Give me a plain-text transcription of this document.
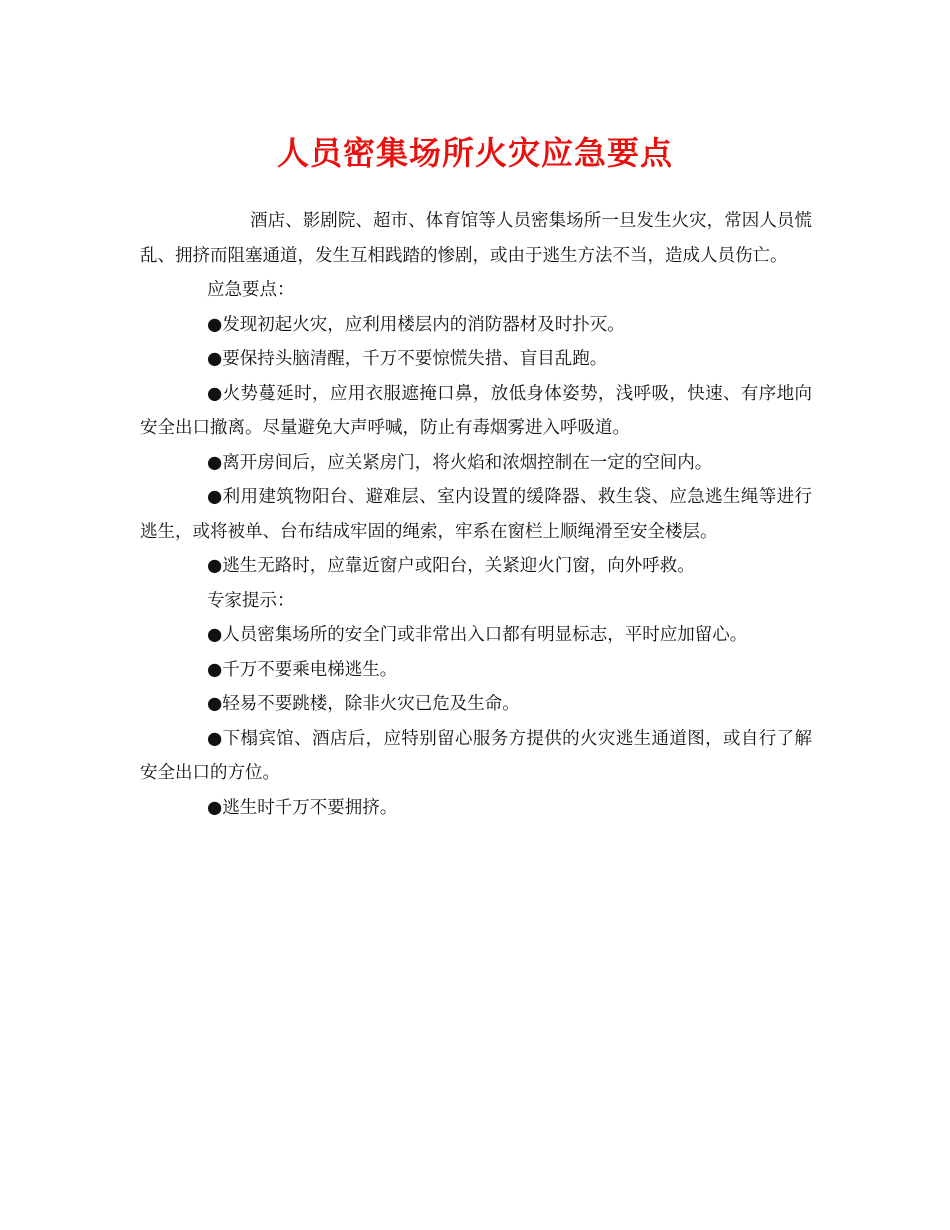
人员密集场所火灾应急要点

酒店、影剧院、超市、体育馆等人员密集场所一旦发生火灾，常因人员慌乱、拥挤而阻塞通道，发生互相践踏的惨剧，或由于逃生方法不当，造成人员伤亡。

应急要点：

●发现初起火灾，应利用楼层内的消防器材及时扑灭。

●要保持头脑清醒，千万不要惊慌失措、盲目乱跑。

●火势蔓延时，应用衣服遮掩口鼻，放低身体姿势，浅呼吸，快速、有序地向安全出口撤离。尽量避免大声呼喊，防止有毒烟雾进入呼吸道。

●离开房间后，应关紧房门，将火焰和浓烟控制在一定的空间内。

●利用建筑物阳台、避难层、室内设置的缓降器、救生袋、应急逃生绳等进行逃生，或将被单、台布结成牢固的绳索，牢系在窗栏上顺绳滑至安全楼层。

●逃生无路时，应靠近窗户或阳台，关紧迎火门窗，向外呼救。

专家提示：

●人员密集场所的安全门或非常出入口都有明显标志，平时应加留心。

●千万不要乘电梯逃生。

●轻易不要跳楼，除非火灾已危及生命。

●下榻宾馆、酒店后，应特别留心服务方提供的火灾逃生通道图，或自行了解安全出口的方位。

●逃生时千万不要拥挤。
